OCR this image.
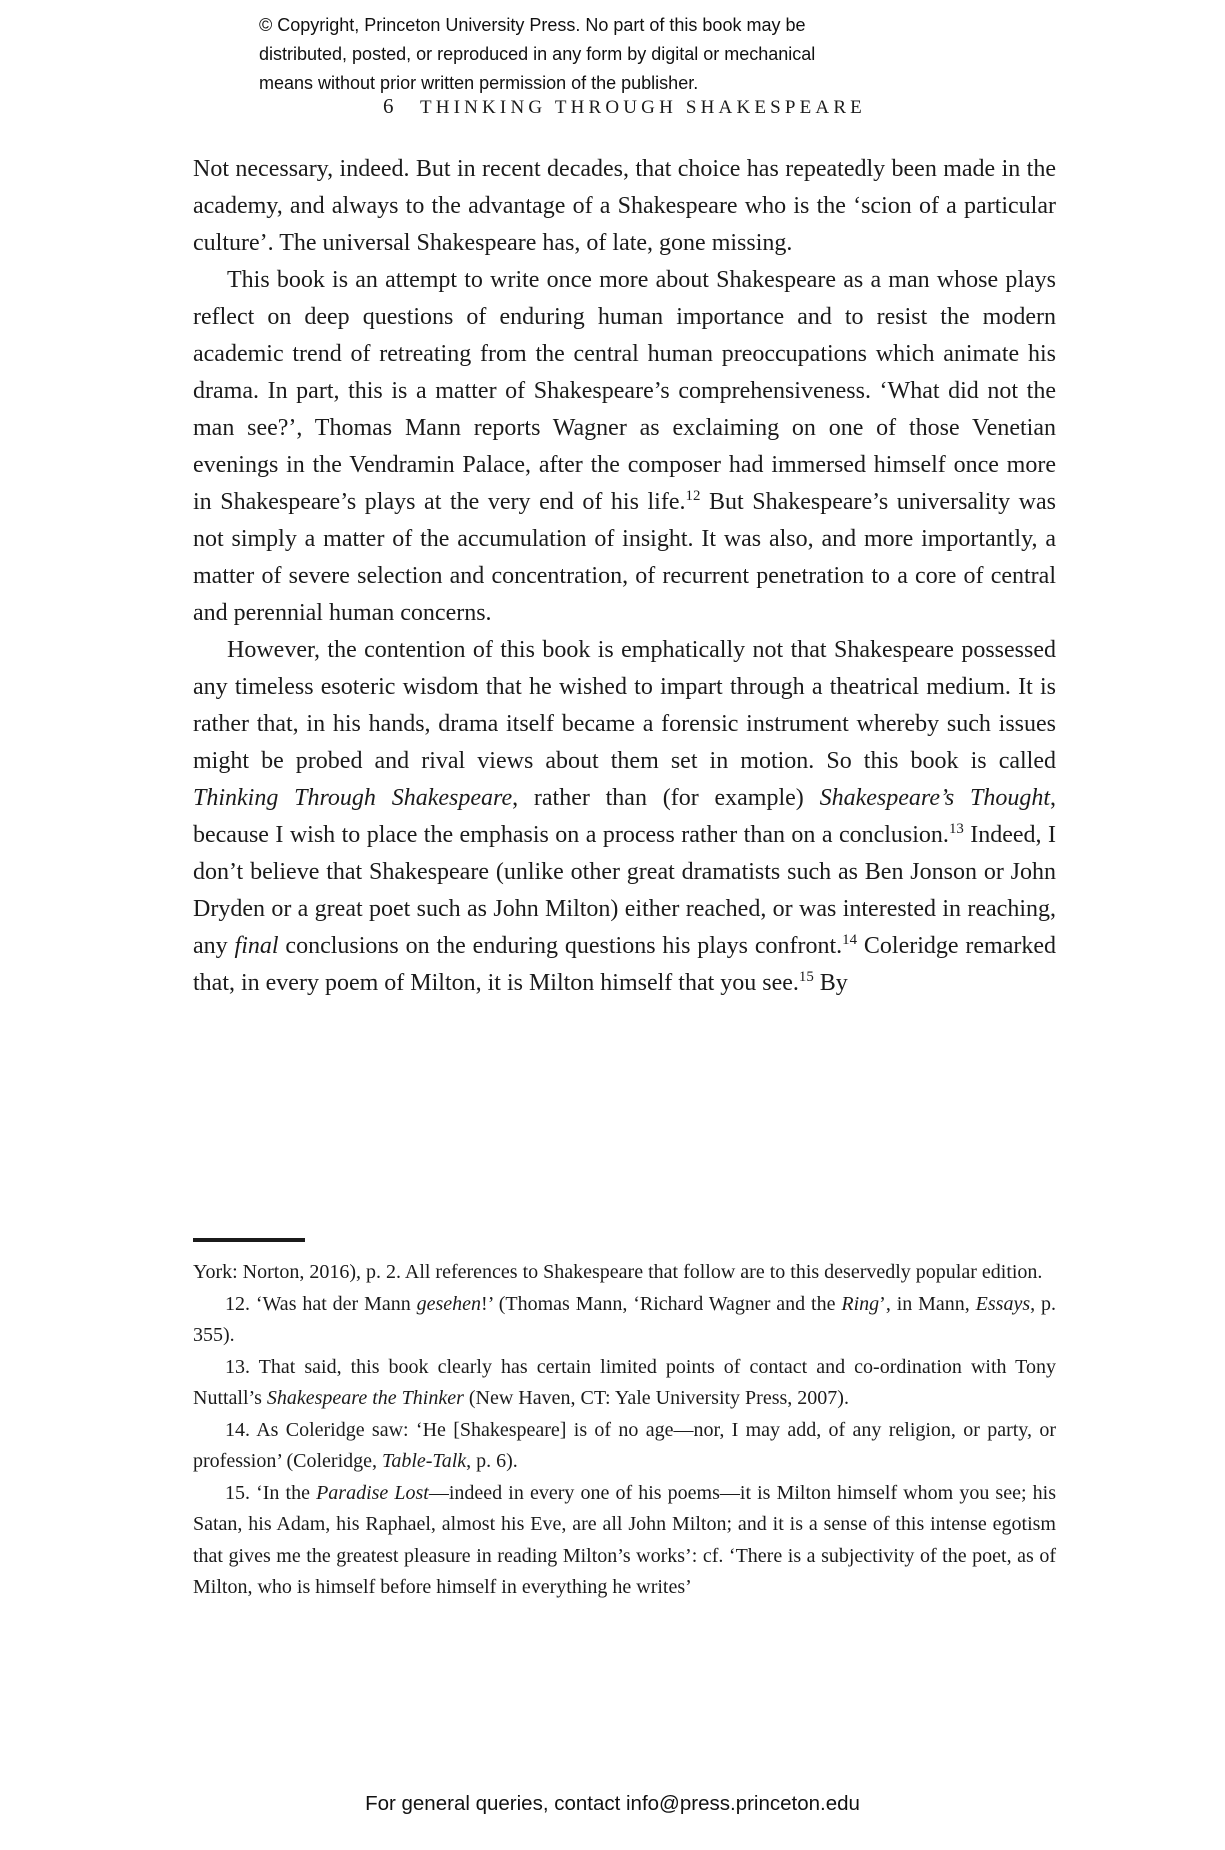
© Copyright, Princeton University Press. No part of this book may be
distributed, posted, or reproduced in any form by digital or mechanical
means without prior written permission of the publisher.
6 THINKING THROUGH SHAKESPEARE

Not necessary, indeed. But in recent decades, that choice has repeatedly been made in the academy, and always to the advantage of a Shakespeare who is the ‘scion of a particular culture’. The universal Shakespeare has, of late, gone missing.

This book is an attempt to write once more about Shakespeare as a man whose plays reflect on deep questions of enduring human importance and to resist the modern academic trend of retreating from the central human preoccupations which animate his drama. In part, this is a matter of Shakespeare’s comprehensiveness. ‘What did not the man see?’, Thomas Mann reports Wagner as exclaiming on one of those Venetian evenings in the Vendramin Palace, after the composer had immersed himself once more in Shakespeare’s plays at the very end of his life.$^{12}$ But Shakespeare’s universality was not simply a matter of the accumulation of insight. It was also, and more importantly, a matter of severe selection and concentration, of recurrent penetration to a core of central and perennial human concerns.

However, the contention of this book is emphatically not that Shakespeare possessed any timeless esoteric wisdom that he wished to impart through a theatrical medium. It is rather that, in his hands, drama itself became a forensic instrument whereby such issues might be probed and rival views about them set in motion. So this book is called Thinking Through Shakespeare, rather than (for example) Shakespeare’s Thought, because I wish to place the emphasis on a process rather than on a conclusion.$^{13}$ Indeed, I don’t believe that Shakespeare (unlike other great dramatists such as Ben Jonson or John Dryden or a great poet such as John Milton) either reached, or was interested in reaching, any final conclusions on the enduring questions his plays confront.$^{14}$ Coleridge remarked that, in every poem of Milton, it is Milton himself that you see.$^{15}$ By

York: Norton, 2016), p. 2. All references to Shakespeare that follow are to this deservedly popular edition.

12. ‘Was hat der Mann gesehen!’ (Thomas Mann, ‘Richard Wagner and the Ring’, in Mann, Essays, p. 355).

13. That said, this book clearly has certain limited points of contact and co-ordination with Tony Nuttall’s Shakespeare the Thinker (New Haven, CT: Yale University Press, 2007).

14. As Coleridge saw: ‘He [Shakespeare] is of no age—nor, I may add, of any religion, or party, or profession’ (Coleridge, Table-Talk, p. 6).

15. ‘In the Paradise Lost—indeed in every one of his poems—it is Milton himself whom you see; his Satan, his Adam, his Raphael, almost his Eve, are all John Milton; and it is a sense of this intense egotism that gives me the greatest pleasure in reading Milton’s works’: cf. ‘There is a subjectivity of the poet, as of Milton, who is himself before himself in everything he writes’

For general queries, contact info@press.princeton.edu
